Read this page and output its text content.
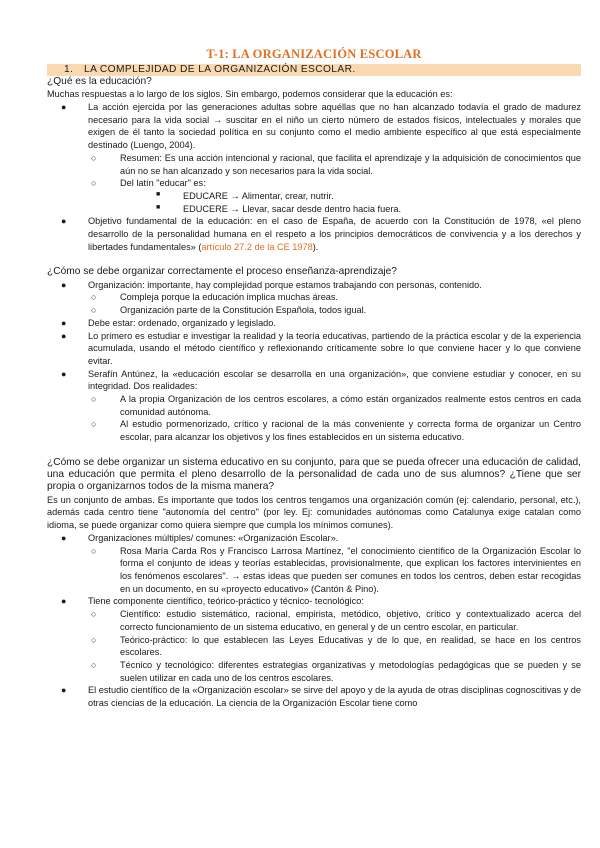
T-1: LA ORGANIZACIÓN ESCOLAR
1. LA COMPLEJIDAD DE LA ORGANIZACIÓN ESCOLAR.
¿Qué es la educación?
Muchas respuestas a lo largo de los siglos. Sin embargo, podemos considerar que la educación es:
● La acción ejercida por las generaciones adultas sobre aquéllas que no han alcanzado todavía el grado de madurez necesario para la vida social → suscitar en el niño un cierto número de estados físicos, intelectuales y morales que exigen de él tanto la sociedad política en su conjunto como el medio ambiente específico al que está especialmente destinado (Luengo, 2004).
○	Resumen: Es una acción intencional y racional, que facilita el aprendizaje y la adquisición de conocimientos que aún no se han alcanzado y son necesarios para la vida social.
○	Del latín "educar" es:
■ EDUCARE → Alimentar, crear, nutrir.
■ EDUCERE → Llevar, sacar desde dentro hacia fuera.
● Objetivo fundamental de la educación: en el caso de España, de acuerdo con la Constitución de 1978, «el pleno desarrollo de la personalidad humana en el respeto a los principios democráticos de convivencia y a los derechos y libertades fundamentales» (artículo 27.2 de la CE 1978).
¿Cómo se debe organizar correctamente el proceso enseñanza-aprendizaje?
● Organización: importante, hay complejidad porque estamos trabajando con personas, contenido.
○	Compleja porque la educación implica muchas áreas.
○	Organización parte de la Constitución Española, todos igual.
● Debe estar: ordenado, organizado y legislado.
● Lo primero es estudiar e investigar la realidad y la teoría educativas, partiendo de la práctica escolar y de la experiencia acumulada, usando el método científico y reflexionando críticamente sobre lo que conviene hacer y lo que conviene evitar.
● Serafín Antúnez, la «educación escolar se desarrolla en una organización», que conviene estudiar y conocer, en su integridad. Dos realidades:
○	A la propia Organización de los centros escolares, a cómo están organizados realmente estos centros en cada comunidad autónoma.
○	Al estudio pormenorizado, crítico y racional de la más conveniente y correcta forma de organizar un Centro escolar, para alcanzar los objetivos y los fines establecidos en un sistema educativo.
¿Cómo se debe organizar un sistema educativo en su conjunto, para que se pueda ofrecer una educación de calidad, una educación que permita el pleno desarrollo de la personalidad de cada uno de sus alumnos? ¿Tiene que ser propia o organizarnos todos de la misma manera?
Es un conjunto de ambas. Es importante que todos los centros tengamos una organización común (ej: calendario, personal, etc.), además cada centro tiene "autonomía del centro" (por ley. Ej: comunidades autónomas como Catalunya exige catalan como idioma, se puede organizar como quiera siempre que cumpla los mínimos comunes).
● Organizaciones múltiples/ comunes: «Organización Escolar».
○	Rosa María Carda Ros y Francisco Larrosa Martínez, "el conocimiento científico de la Organización Escolar lo forma el conjunto de ideas y teorías establecidas, provisionalmente, que explican los factores intervinientes en los fenómenos escolares". → estas ideas que pueden ser comunes en todos los centros, deben estar recogidas en un documento, en su «proyecto educativo» (Cantón & Pino).
● Tiene componente científico, teórico-práctico y técnico- tecnológico:
○	Científico: estudio sistemático, racional, empirista, metódico, objetivo, crítico y contextualizado acerca del correcto funcionamiento de un sistema educativo, en general y de un centro escolar, en particular.
○	Teórico-práctico: lo que establecen las Leyes Educativas y de lo que, en realidad, se hace en los centros escolares.
○	Técnico y tecnológico: diferentes estrategias organizativas y metodologías pedagógicas que se pueden y se suelen utilizar en cada uno de los centros escolares.
● El estudio científico de la «Organización escolar» se sirve del apoyo y de la ayuda de otras disciplinas cognoscitivas y de otras ciencias de la educación. La ciencia de la Organización Escolar tiene como
